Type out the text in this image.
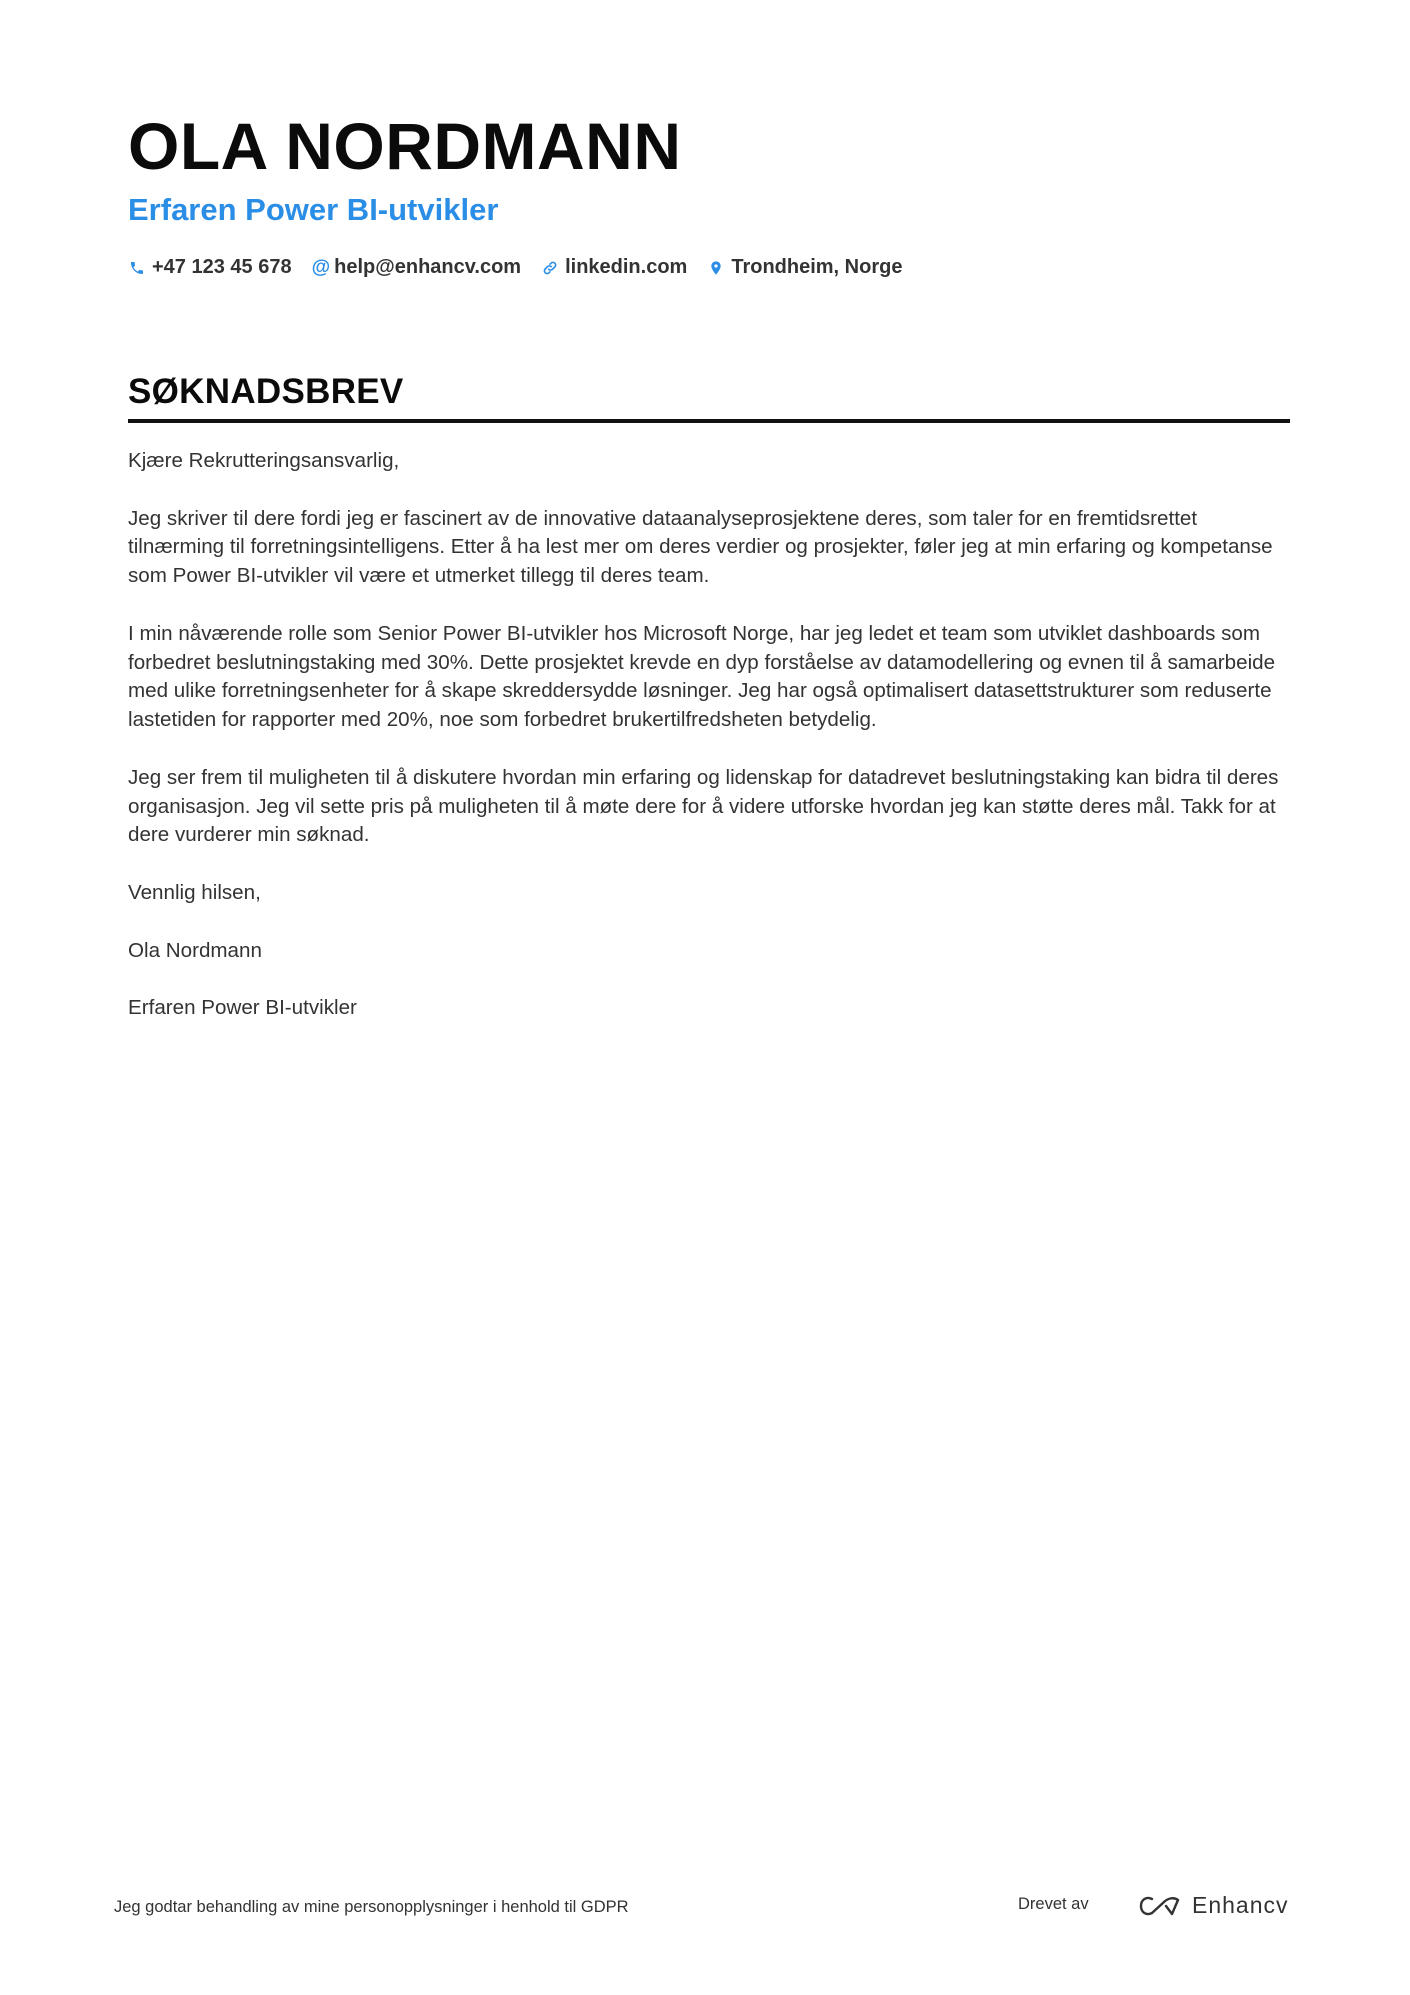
OLA NORDMANN
Erfaren Power BI-utvikler
+47 123 45 678 @ help@enhancv.com linkedin.com Trondheim, Norge
SØKNADSBREV

Kjære Rekrutteringsansvarlig,

Jeg skriver til dere fordi jeg er fascinert av de innovative dataanalyseprosjektene deres, som taler for en fremtidsrettet tilnærming til forretningsintelligens. Etter å ha lest mer om deres verdier og prosjekter, føler jeg at min erfaring og kompetanse som Power BI-utvikler vil være et utmerket tillegg til deres team.

I min nåværende rolle som Senior Power BI-utvikler hos Microsoft Norge, har jeg ledet et team som utviklet dashboards som forbedret beslutningstaking med 30%. Dette prosjektet krevde en dyp forståelse av datamodellering og evnen til å samarbeide med ulike forretningsenheter for å skape skreddersydde løsninger. Jeg har også optimalisert datasettstrukturer som reduserte lastetiden for rapporter med 20%, noe som forbedret brukertilfredsheten betydelig.

Jeg ser frem til muligheten til å diskutere hvordan min erfaring og lidenskap for datadrevet beslutningstaking kan bidra til deres organisasjon. Jeg vil sette pris på muligheten til å møte dere for å videre utforske hvordan jeg kan støtte deres mål. Takk for at dere vurderer min søknad.

Vennlig hilsen,

Ola Nordmann

Erfaren Power BI-utvikler

Jeg godtar behandling av mine personopplysninger i henhold til GDPR	Drevet av	Enhancv
